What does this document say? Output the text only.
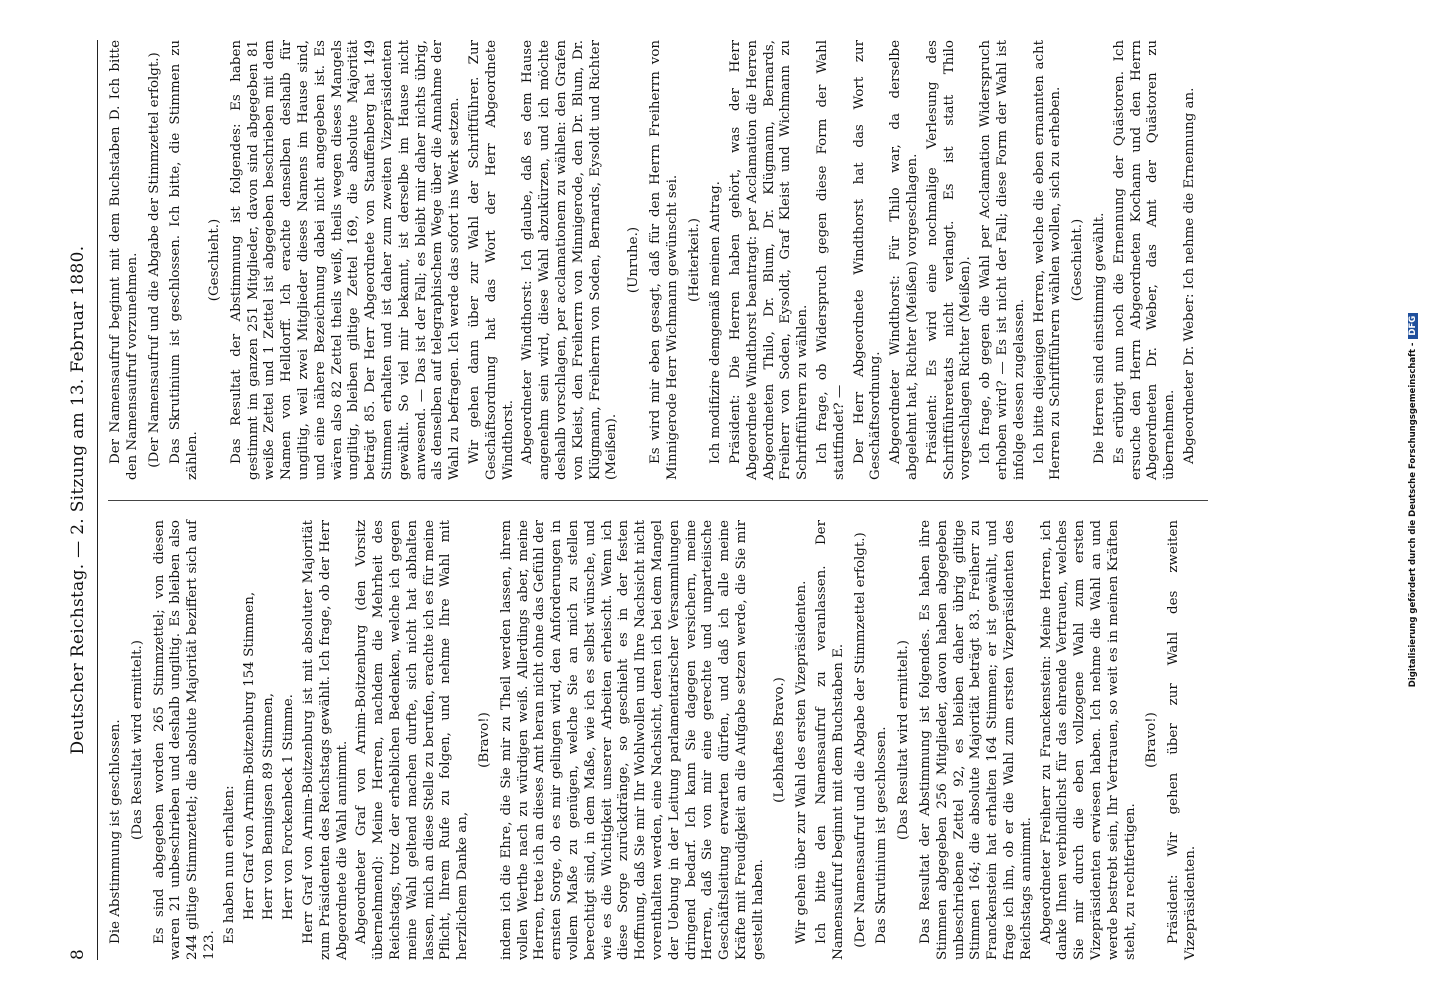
8
Deutscher Reichstag. — 2. Sitzung am 13. Februar 1880.

Die Abstimmung ist geschlossen. (Das Resultat wird ermittelt.) Es sind abgegeben worden 265 Stimmzettel; von diesen waren 21 unbeschrieben und deshalb ungiltig. Es bleiben also 244 giltige Stimmzettel; die absolute Majorität beziffert sich auf 123.

Es haben nun erhalten: Herr Graf von Arnim-Boitzenburg 154 Stimmen, Herr von Bennigsen 89 Stimmen, Herr von Forckenbeck 1 Stimme. Herr Graf von Arnim-Boitzenburg ist mit absoluter Majorität zum Präsidenten des Reichstags gewählt. Ich frage, ob der Herr Abgeordnete die Wahl annimmt. Abgeordneter Graf von Arnim-Boitzenburg (den Vorsitz übernehmend): Meine Herren, nachdem die Mehrheit des Reichstags, trotz der erheblichen Bedenken, welche ich gegen meine Wahl geltend machen durfte, sich nicht hat abhalten lassen, mich an diese Stelle zu berufen, erachte ich es für meine Pflicht, Ihrem Rufe zu folgen, und nehme Ihre Wahl mit herzlichem Danke an,

(Bravo!) indem ich die Ehre, die Sie mir zu Theil werden lassen, ihrem vollen Werthe nach zu würdigen weiß. Allerdings aber, meine Herren, trete ich an dieses Amt heran nicht ohne das Gefühl der ernsten Sorge, ob es mir gelingen wird, den Anforderungen in vollem Maße zu genügen, welche Sie an mich zu stellen berechtigt sind, in dem Maße, wie ich es selbst wünsche, und wie es die Wichtigkeit unserer Arbeiten erheischt. Wenn ich diese Sorge zurückdränge, so geschieht es in der festen Hoffnung, daß Sie mir Ihr Wohlwollen und Ihre Nachsicht nicht vorenthalten werden, eine Nachsicht, deren ich bei dem Mangel der Uebung in der Leitung parlamentarischer Versammlungen dringend bedarf. Ich kann Sie dagegen versichern, meine Herren, daß Sie von mir eine gerechte und unparteiische Geschäftsleitung erwarten dürfen, und daß ich alle meine Kräfte mit Freudigkeit an die Aufgabe setzen werde, die Sie mir gestellt haben.

(Lebhaftes Bravo.) Wir gehen über zur Wahl des ersten Vizepräsidenten. Ich bitte den Namensaufruf zu veranlassen. Der Namensaufruf beginnt mit dem Buchstaben E. (Der Namensaufruf und die Abgabe der Stimmzettel erfolgt.) Das Skrutinium ist geschlossen. (Das Resultat wird ermittelt.) Das Resultat der Abstimmung ist folgendes. Es haben ihre Stimmen abgegeben 256 Mitglieder, davon haben abgegeben unbeschriebene Zettel 92, es bleiben daher übrig giltige Stimmen 164; die absolute Majorität beträgt 83. Freiherr zu Franckenstein hat erhalten 164 Stimmen; er ist gewählt, und frage ich ihn, ob er die Wahl zum ersten Vizepräsidenten des Reichstags annimmt. Abgeordneter Freiherr zu Franckenstein: Meine Herren, ich danke Ihnen verbindlichst für das ehrende Vertrauen, welches Sie mir durch die eben vollzogene Wahl zum ersten Vizepräsidenten erwiesen haben. Ich nehme die Wahl an und werde bestrebt sein, Ihr Vertrauen, so weit es in meinen Kräften steht, zu rechtfertigen.

(Bravo!) Präsident: Wir gehen über zur Wahl des zweiten Vizepräsidenten.

Der Namensaufruf beginnt mit dem Buchstaben D. Ich bitte den Namensaufruf vorzunehmen. (Der Namensaufruf und die Abgabe der Stimmzettel erfolgt.) Das Skrutinium ist geschlossen. Ich bitte, die Stimmen zu zählen.

(Geschieht.) Das Resultat der Abstimmung ist folgendes: Es haben gestimmt im ganzen 251 Mitglieder, davon sind abgegeben 81 weiße Zettel und 1 Zettel ist abgegeben beschrieben mit dem Namen von Helldorff. Ich erachte denselben deshalb für ungiltig, weil zwei Mitglieder dieses Namens im Hause sind, und eine nähere Bezeichnung dabei nicht angegeben ist. Es wären also 82 Zettel theils weiß, theils wegen dieses Mangels ungiltig, bleiben giltige Zettel 169, die absolute Majorität beträgt 85. Der Herr Abgeordnete von Stauffenberg hat 149 Stimmen erhalten und ist daher zum zweiten Vizepräsidenten gewählt. So viel mir bekannt, ist derselbe im Hause nicht anwesend. — Das ist der Fall; es bleibt mir daher nichts übrig, als denselben auf telegraphischem Wege über die Annahme der Wahl zu befragen. Ich werde das sofort ins Werk setzen. Wir gehen dann über zur Wahl der Schriftführer. Zur Geschäftsordnung hat das Wort der Herr Abgeordnete Windthorst. Abgeordneter Windthorst: Ich glaube, daß es dem Hause angenehm sein wird, diese Wahl abzukürzen, und ich möchte deshalb vorschlagen, per acclamationem zu wählen: den Grafen von Kleist, den Freiherrn von Minnigerode, den Dr. Blum, Dr. Klügmann, Freiherrn von Soden, Bernards, Eysoldt und Richter (Meißen).

(Unruhe.) Es wird mir eben gesagt, daß für den Herrn Freiherrn von Minnigerode Herr Wichmann gewünscht sei. (Heiterkeit.) Ich modifizire demgemäß meinen Antrag. Präsident: Die Herren haben gehört, was der Herr Abgeordnete Windthorst beantragt: per Acclamation die Herren Abgeordneten Thilo, Dr. Blum, Dr. Klügmann, Bernards, Freiherr von Soden, Eysoldt, Graf Kleist und Wichmann zu Schriftführern zu wählen. Ich frage, ob Widerspruch gegen diese Form der Wahl stattfindet? — Der Herr Abgeordnete Windthorst hat das Wort zur Geschäftsordnung. Abgeordneter Windthorst: Für Thilo war, da derselbe abgelehnt hat, Richter (Meißen) vorgeschlagen. Präsident: Es wird eine nochmalige Verlesung des Schriftführeretats nicht verlangt. Es ist statt Thilo vorgeschlagen Richter (Meißen). Ich frage, ob gegen die Wahl per Acclamation Widerspruch erhoben wird? — Es ist nicht der Fall; diese Form der Wahl ist infolge dessen zugelassen. Ich bitte diejenigen Herren, welche die eben ernannten acht Herren zu Schriftführern wählen wollen, sich zu erheben. (Geschieht.) Die Herren sind einstimmig gewählt. Es erübrigt nun noch die Ernennung der Quästoren. Ich ersuche den Herrn Abgeordneten Kochann und den Herrn Abgeordneten Dr. Weber, das Amt der Quästoren zu übernehmen. Abgeordneter Dr. Weber: Ich nehme die Ernennung an.

Digitalisierung gefördert durch die Deutsche Forschungsgemeinschaft -DFG
